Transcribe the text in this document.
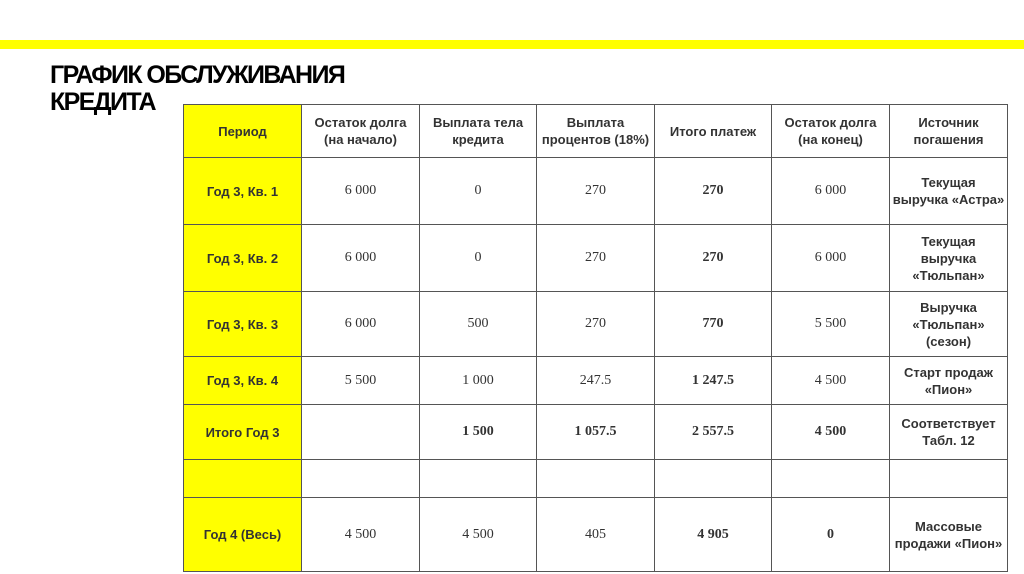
ГРАФИК ОБСЛУЖИВАНИЯ
КРЕДИТА
Период	Остаток долга (на начало)	Выплата тела кредита	Выплата процентов (18%)	Итого платеж	Остаток долга (на конец)	Источник погашения
Год 3, Кв. 1	6 000	0	270	270	6 000	Текущая
выручка «Астра»
Год 3, Кв. 2	6 000	0	270	270	6 000	Текущая
выручка
«Тюльпан»
Год 3, Кв. 3	6 000	500	270	770	5 500	Выручка
«Тюльпан»
(сезон)
Год 3, Кв. 4	5 500	1 000	247.5	1 247.5	4 500	Старт продаж
«Пион»
Итого Год 3		1 500	1 057.5	2 557.5	4 500	Соответствует
Табл. 12

Год 4 (Весь)	4 500	4 500	405	4 905	0	Массовые
продажи «Пион»
